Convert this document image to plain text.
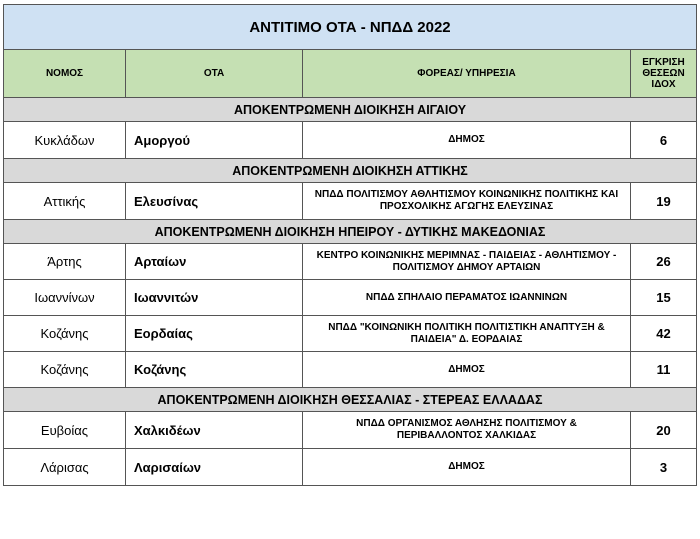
ΑΝΤΙΤΙΜΟ ΟΤΑ - ΝΠΔΔ 2022			
ΝΟΜΟΣ	ΟΤΑ	ΦΟΡΕΑΣ/ ΥΠΗΡΕΣΙΑ	ΕΓΚΡΙΣΗ ΘΕΣΕΩΝ ΙΔΟΧ
ΑΠΟΚΕΝΤΡΩΜΕΝΗ ΔΙΟΙΚΗΣΗ ΑΙΓΑΙΟΥ			
Κυκλάδων	Αμοργού	ΔΗΜΟΣ	6
ΑΠΟΚΕΝΤΡΩΜΕΝΗ ΔΙΟΙΚΗΣΗ ΑΤΤΙΚΗΣ			
Αττικής	Ελευσίνας	ΝΠΔΔ ΠΟΛΙΤΙΣΜΟΥ ΑΘΛΗΤΙΣΜΟΥ ΚΟΙΝΩΝΙΚΗΣ ΠΟΛΙΤΙΚΗΣ ΚΑΙ ΠΡΟΣΧΟΛΙΚΗΣ ΑΓΩΓΗΣ ΕΛΕΥΣΙΝΑΣ	19
ΑΠΟΚΕΝΤΡΩΜΕΝΗ ΔΙΟΙΚΗΣΗ ΗΠΕΙΡΟΥ - ΔΥΤΙΚΗΣ ΜΑΚΕΔΟΝΙΑΣ			
Άρτης	Αρταίων	ΚΕΝΤΡΟ ΚΟΙΝΩΝΙΚΗΣ ΜΕΡΙΜΝΑΣ - ΠΑΙΔΕΙΑΣ - ΑΘΛΗΤΙΣΜΟΥ - ΠΟΛΙΤΙΣΜΟΥ ΔΗΜΟΥ ΑΡΤΑΙΩΝ	26
Ιωαννίνων	Ιωαννιτών	ΝΠΔΔ ΣΠΗΛΑΙΟ ΠΕΡΑΜΑΤΟΣ ΙΩΑΝΝΙΝΩΝ	15
Κοζάνης	Εορδαίας	ΝΠΔΔ "ΚΟΙΝΩΝΙΚΗ ΠΟΛΙΤΙΚΗ ΠΟΛΙΤΙΣΤΙΚΗ ΑΝΑΠΤΥΞΗ & ΠΑΙΔΕΙΑ" Δ. ΕΟΡΔΑΙΑΣ	42
Κοζάνης	Κοζάνης	ΔΗΜΟΣ	11
ΑΠΟΚΕΝΤΡΩΜΕΝΗ ΔΙΟΙΚΗΣΗ ΘΕΣΣΑΛΙΑΣ - ΣΤΕΡΕΑΣ ΕΛΛΑΔΑΣ			
Ευβοίας	Χαλκιδέων	ΝΠΔΔ ΟΡΓΑΝΙΣΜΟΣ ΑΘΛΗΣΗΣ ΠΟΛΙΤΙΣΜΟΥ & ΠΕΡΙΒΑΛΛΟΝΤΟΣ ΧΑΛΚΙΔΑΣ	20
Λάρισας	Λαρισαίων	ΔΗΜΟΣ	3
